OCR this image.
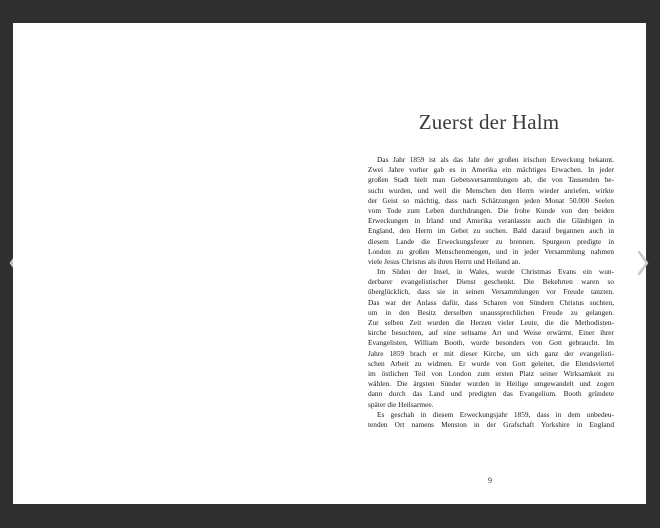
Zuerst der Halm
Das Jahr 1859 ist als das Jahr der großen irischen Erweckung bekannt.
Zwei Jahre vorher gab es in Amerika ein mächtiges Erwachen. In jeder
großen Stadt hielt man Gebetsversammlungen ab, die von Tausenden be-
sucht wurden, und weil die Menschen den Herrn wieder anriefen, wirkte
der Geist so mächtig, dass nach Schätzungen jeden Monat 50.000 Seelen
vom Tode zum Leben durchdrangen. Die frohe Kunde von den beiden
Erweckungen in Irland und Amerika veranlasste auch die Gläubigen in
England, den Herrn im Gebet zu suchen. Bald darauf begannen auch in
diesem Lande die Erweckungsfeuer zu brennen. Spurgeon predigte in
London zu großen Menschenmengen, und in jeder Versammlung nahmen
viele Jesus Christus als ihren Herrn und Heiland an.
Im Süden der Insel, in Wales, wurde Christmas Evans ein wun-
derbarer evangelistischer Dienst geschenkt. Die Bekehrten waren so
überglücklich, dass sie in seinen Versammlungen vor Freude tanzten.
Das war der Anlass dafür, dass Scharen von Sündern Christus suchten,
um in den Besitz derselben unaussprechlichen Freude zu gelangen.
Zur selben Zeit wurden die Herzen vieler Leute, die die Methodisten-
kirche besuchten, auf eine seltsame Art und Weise erwärmt. Einer ihrer
Evangelisten, William Booth, wurde besonders von Gott gebraucht. Im
Jahre 1859 brach er mit dieser Kirche, um sich ganz der evangelisti-
schen Arbeit zu widmen. Er wurde von Gott geleitet, die Elendsviertel
im östlichen Teil von London zum ersten Platz seiner Wirksamkeit zu
wählen. Die ärgsten Sünder wurden in Heilige umgewandelt und zogen
dann durch das Land und predigten das Evangelium. Booth gründete
später die Heilsarmee.
Es geschah in diesem Erweckungsjahr 1859, dass in dem unbedeu-
tenden Ort namens Menston in der Grafschaft Yorkshire in England
9
